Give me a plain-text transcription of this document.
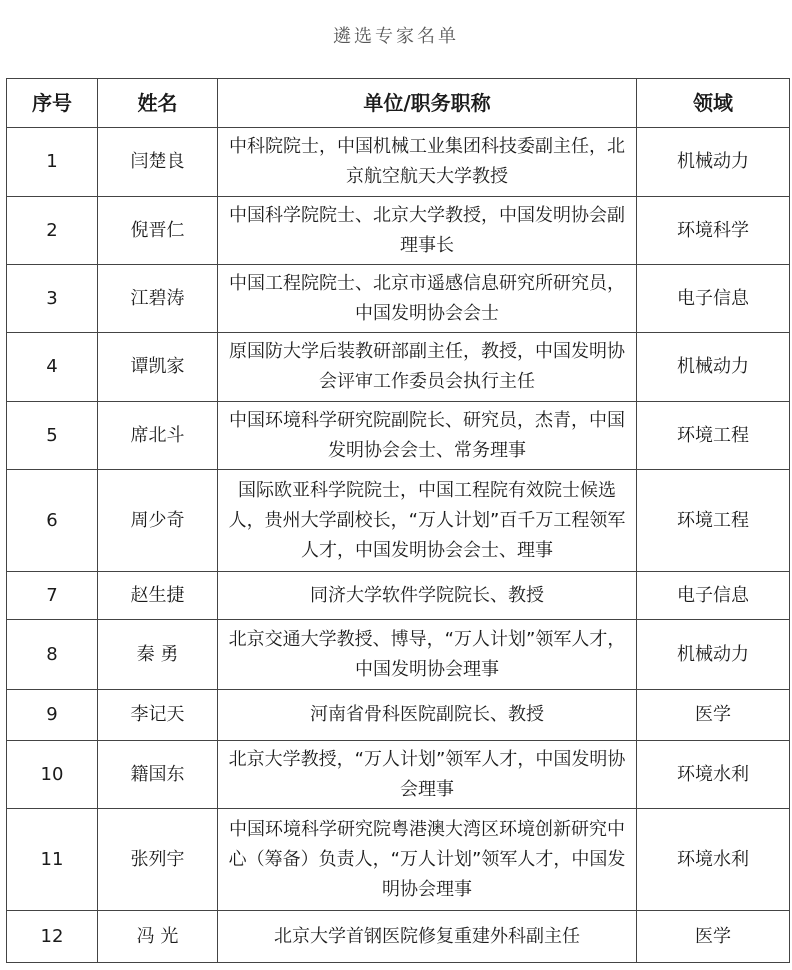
遴选专家名单
序号	姓名	单位/职务职称	领域
1	闫楚良	中科院院士，中国机械工业集团科技委副主任，北京航空航天大学教授	机械动力
2	倪晋仁	中国科学院院士、北京大学教授，中国发明协会副理事长	环境科学
3	江碧涛	中国工程院院士、北京市遥感信息研究所研究员，中国发明协会会士	电子信息
4	谭凯家	原国防大学后装教研部副主任，教授，中国发明协会评审工作委员会执行主任	机械动力
5	席北斗	中国环境科学研究院副院长、研究员，杰青，中国发明协会会士、常务理事	环境工程
6	周少奇	国际欧亚科学院院士，中国工程院有效院士候选人，贵州大学副校长，“万人计划”百千万工程领军人才，中国发明协会会士、理事	环境工程
7	赵生捷	同济大学软件学院院长、教授	电子信息
8	秦 勇	北京交通大学教授、博导，“万人计划”领军人才，中国发明协会理事	机械动力
9	李记天	河南省骨科医院副院长、教授	医学
10	籍国东	北京大学教授，“万人计划”领军人才，中国发明协会理事	环境水利
11	张列宇	中国环境科学研究院粤港澳大湾区环境创新研究中心（筹备）负责人，“万人计划”领军人才，中国发明协会理事	环境水利
12	冯 光	北京大学首钢医院修复重建外科副主任	医学
